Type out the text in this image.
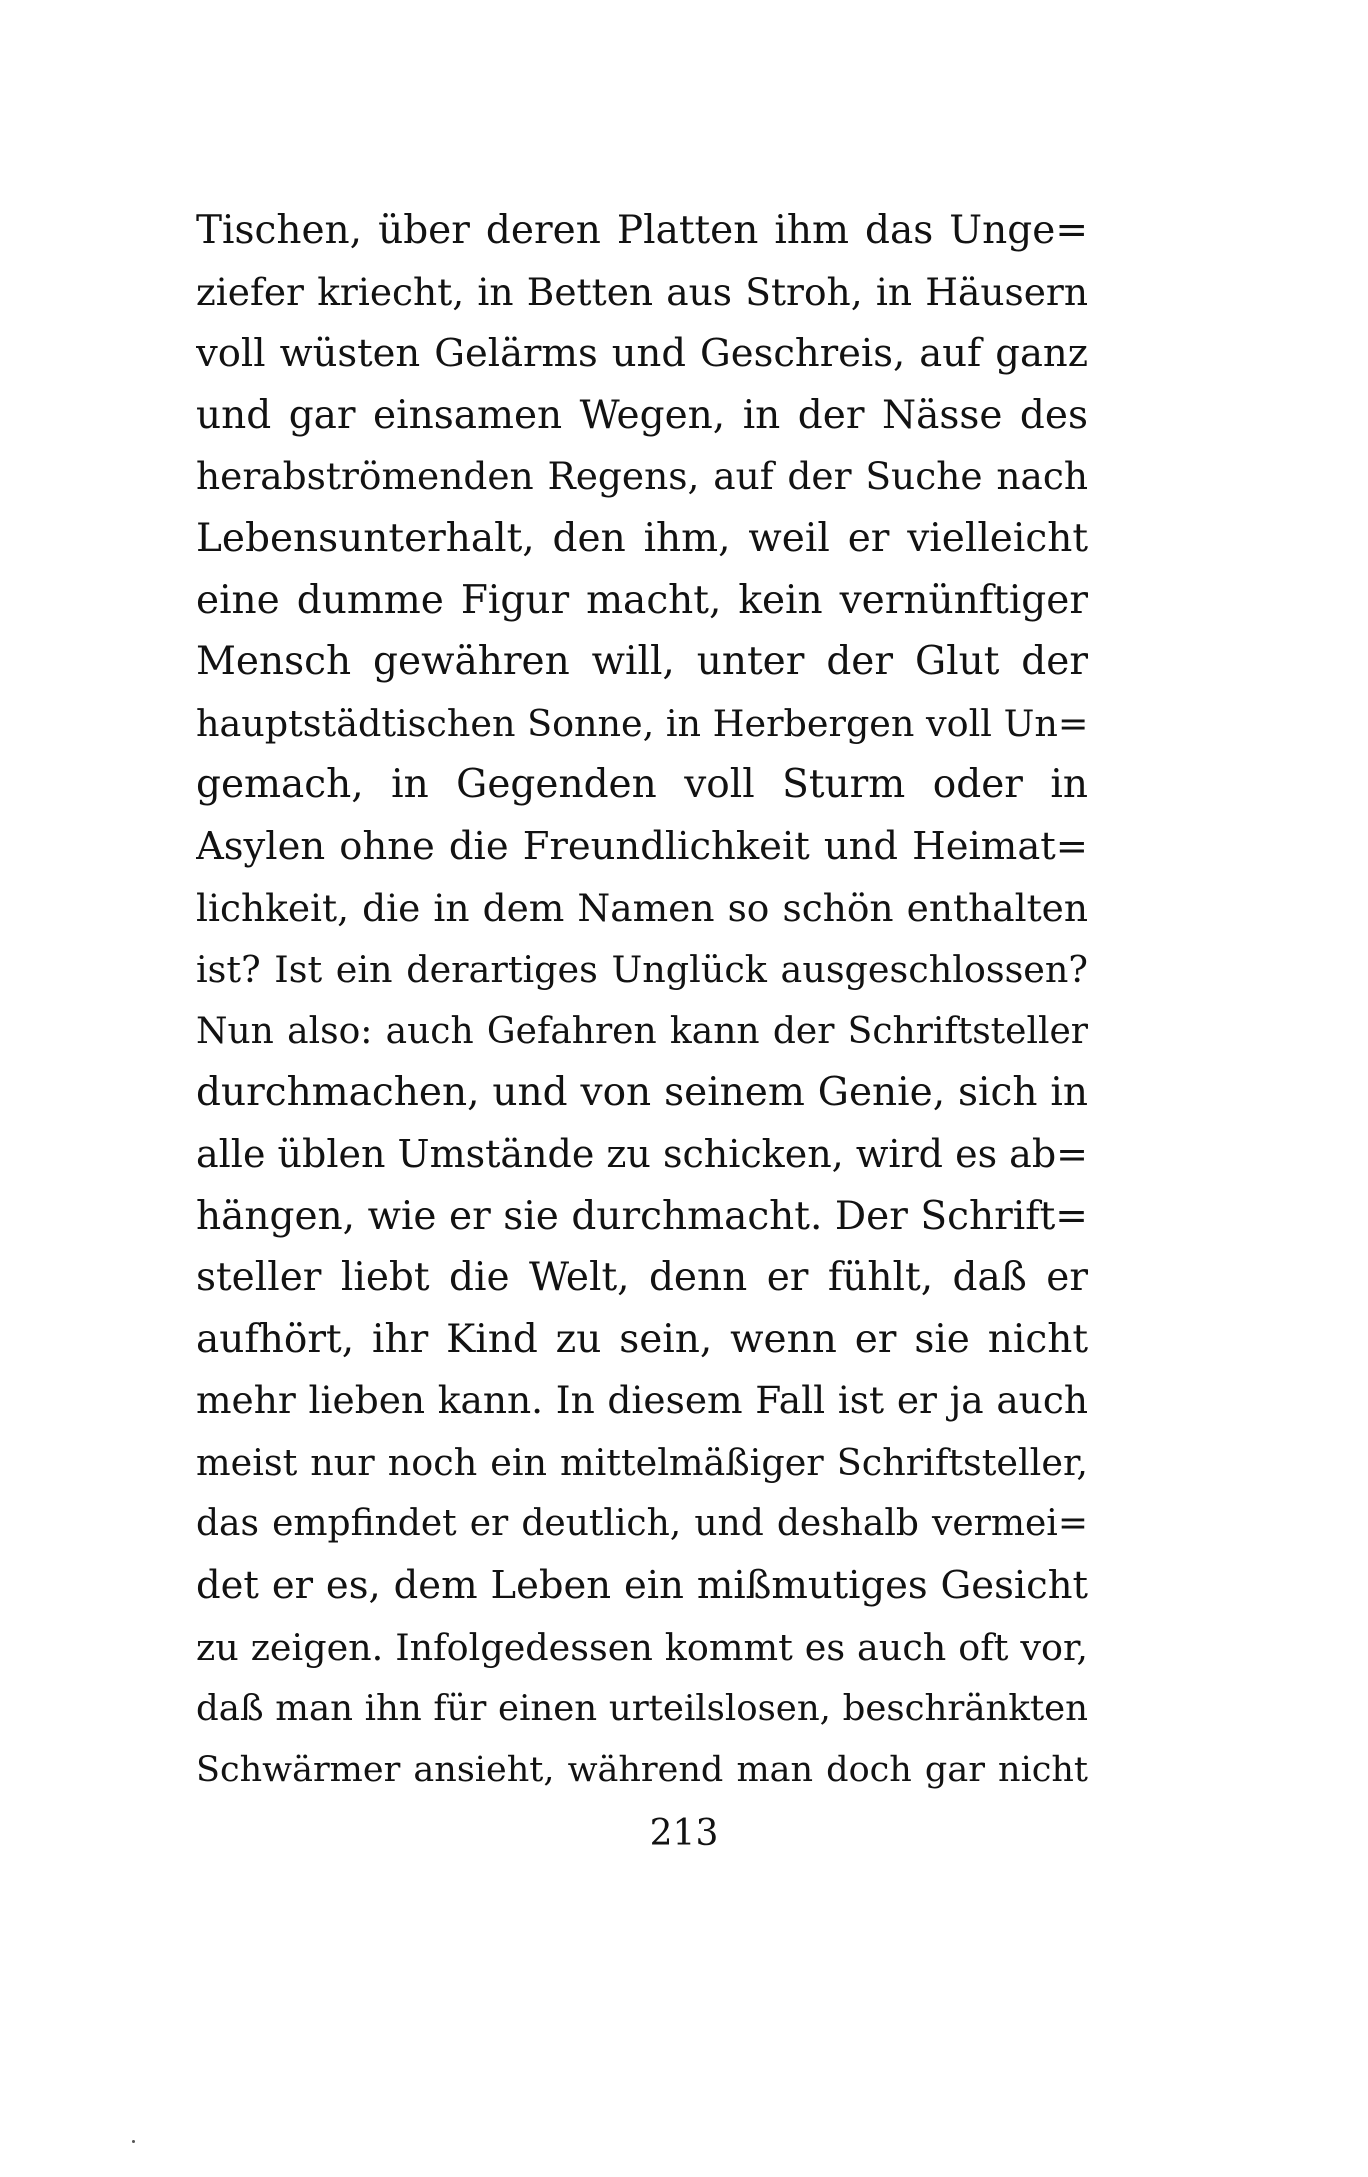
Tischen, über deren Platten ihm das Unge=
ziefer kriecht, in Betten aus Stroh, in Häusern
voll wüsten Gelärms und Geschreis, auf ganz
und gar einsamen Wegen, in der Nässe des
herabströmenden Regens, auf der Suche nach
Lebensunterhalt, den ihm, weil er vielleicht
eine dumme Figur macht, kein vernünftiger
Mensch gewähren will, unter der Glut der
hauptstädtischen Sonne, in Herbergen voll Un=
gemach, in Gegenden voll Sturm oder in
Asylen ohne die Freundlichkeit und Heimat=
lichkeit, die in dem Namen so schön enthalten
ist? Ist ein derartiges Unglück ausgeschlossen?
Nun also: auch Gefahren kann der Schriftsteller
durchmachen, und von seinem Genie, sich in
alle üblen Umstände zu schicken, wird es ab=
hängen, wie er sie durchmacht. Der Schrift=
steller liebt die Welt, denn er fühlt, daß er
aufhört, ihr Kind zu sein, wenn er sie nicht
mehr lieben kann. In diesem Fall ist er ja auch
meist nur noch ein mittelmäßiger Schriftsteller,
das empfindet er deutlich, und deshalb vermei=
det er es, dem Leben ein mißmutiges Gesicht
zu zeigen. Infolgedessen kommt es auch oft vor,
daß man ihn für einen urteilslosen, beschränkten
Schwärmer ansieht, während man doch gar nicht
213
